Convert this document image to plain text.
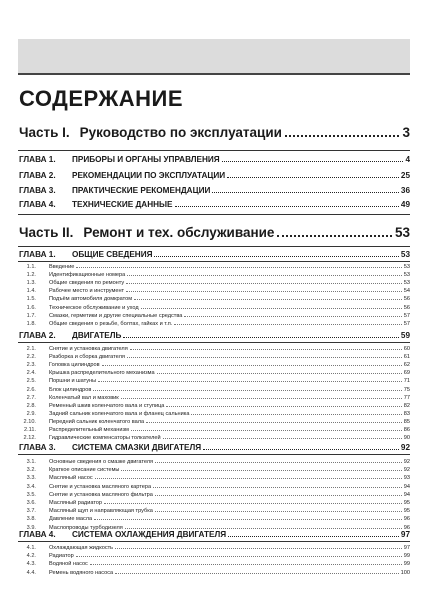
СОДЕРЖАНИЕ
Часть I. Руководство по эксплуатации	3
ГЛАВА 1.	ПРИБОРЫ И ОРГАНЫ УПРАВЛЕНИЯ	4
ГЛАВА 2.	РЕКОМЕНДАЦИИ ПО ЭКСПЛУАТАЦИИ	25
ГЛАВА 3.	ПРАКТИЧЕСКИЕ РЕКОМЕНДАЦИИ	36
ГЛАВА 4.	ТЕХНИЧЕСКИЕ ДАННЫЕ	49
Часть II. Ремонт и тех. обслуживание	53
ГЛАВА 1.	ОБЩИЕ СВЕДЕНИЯ	53
1.1. Введение	53
1.2. Идентификационные номера	53
1.3. Общие сведения по ремонту	53
1.4. Рабочее место и инструмент	54
1.5. Подъём автомобиля домкратом	56
1.6. Техническое обслуживание и уход	56
1.7. Смазки, герметики и другие специальные средства	57
1.8. Общие сведения о резьбе, болтах, гайках и т.п.	57
ГЛАВА 2.	ДВИГАТЕЛЬ	59
2.1. Снятие и установка двигателя	60
2.2. Разборка и сборка двигателя	61
2.3. Головка цилиндров	62
2.4. Крышка распределительного механизма	69
2.5. Поршни и шатуны	71
2.6. Блок цилиндров	75
2.7. Коленчатый вал и маховик	77
2.8. Ременный шкив коленчатого вала и ступица	82
2.9. Задний сальник коленчатого вала и фланец сальника	83
2.10. Передний сальник коленчатого вала	85
2.11. Распределительный механизм	86
2.12. Гидравлические компенсаторы толкателей	90
ГЛАВА 3.	СИСТЕМА СМАЗКИ ДВИГАТЕЛЯ	92
3.1. Основные сведения о смазке двигателя	92
3.2. Краткое описание системы	92
3.3. Масляный насос	93
3.4. Снятие и установка масляного картера	94
3.5. Снятие и установка масляного фильтра	94
3.6. Масляный радиатор	95
3.7. Масляный щуп и направляющая трубка	95
3.8. Давление масла	96
3.9. Маслопроводы турбодизеля	96
ГЛАВА 4.	СИСТЕМА ОХЛАЖДЕНИЯ ДВИГАТЕЛЯ	97
4.1. Охлаждающая жидкость	97
4.2. Радиатор	99
4.3. Водяной насос	99
4.4. Ремень водяного насоса	100
